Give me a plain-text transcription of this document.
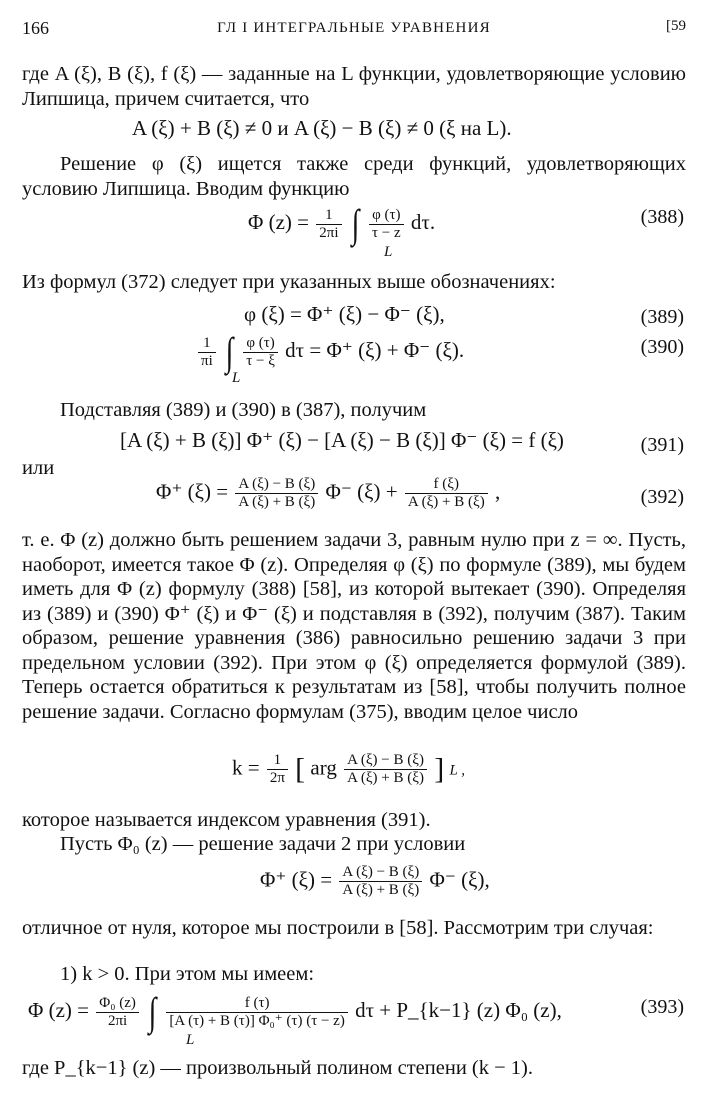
166	ГЛ I ИНТЕГРАЛЬНЫЕ УРАВНЕНИЯ	[59
где A (ξ), B (ξ), f (ξ) — заданные на L функции, удовлетворяющие условию Липшица, причем считается, что
A (ξ) + B (ξ) ≠ 0 и A (ξ) − B (ξ) ≠ 0 (ξ на L).
Решение φ (ξ) ищется также среди функций, удовлетворяющих условию Липшица. Вводим функцию
Φ $(z) = \frac{1}{2\pi i}$ ∫ $\frac{\varphi (\tau)}{\tau - z} d\tau$.
L
(388)
Из формул (372) следует при указанных выше обозначениях:
φ (ξ) = Φ⁺ (ξ) − Φ⁻ (ξ),	(389)
$\frac{1}{\pi i}$ ∫ $\frac{\varphi (\tau)}{\tau - \xi}$ dτ = Φ⁺ (ξ) + Φ⁻ (ξ).
L
(390)
Подставляя (389) и (390) в (387), получим
[A (ξ) + B (ξ)] Φ⁺ (ξ) − [A (ξ) − B (ξ)] Φ⁻ (ξ) = f (ξ)	(391)
или
Φ⁺ $(\xi) = \frac{A (\xi) - B (\xi)}{A (\xi) + B (\xi)} \Phi^-$ $(\xi) + \frac{f (\xi)}{A (\xi) + B (\xi)}$ ,	(392)
т. е. Φ (z) должно быть решением задачи 3, равным нулю при z = ∞. Пусть, наоборот, имеется такое Φ (z). Определяя φ (ξ) по формуле (389), мы будем иметь для Φ (z) формулу (388) [58], из которой вытекает (390). Определяя из (389) и (390) Φ⁺ (ξ) и Φ⁻ (ξ) и подставляя в (392), получим (387). Таким образом, решение уравнения (386) равносильно решению задачи 3 при предельном условии (392). При этом φ (ξ) определяется формулой (389). Теперь остается обратиться к результатам из [58], чтобы получить полное решение задачи. Согласно формулам (375), вводим целое число
$k = \frac{1}{2\pi}$ [ arg $\frac{A (\xi) - B (\xi)}{A (\xi) + B (\xi)}$ ] L ,
которое называется индексом уравнения (391).
Пусть Φ₀ (z) — решение задачи 2 при условии
Φ⁺ $(\xi) = \frac{A (\xi) - B (\xi)}{A (\xi) + B (\xi)} \Phi^-$ (ξ),
отличное от нуля, которое мы построили в [58]. Рассмотрим три случая:
1) k > 0. При этом мы имеем:
Φ $(z) = \frac{\text{Φ₀ (z)}}{2\pi i}$ ∫ $\frac{f (\tau)}{\text{[A (τ) + B (τ)] Φ₀⁺ (τ) (τ − z)}}$ dτ + P_{k−1} (z) Φ₀ (z),
L
(393)
где P_{k−1} (z) — произвольный полином степени (k − 1).
